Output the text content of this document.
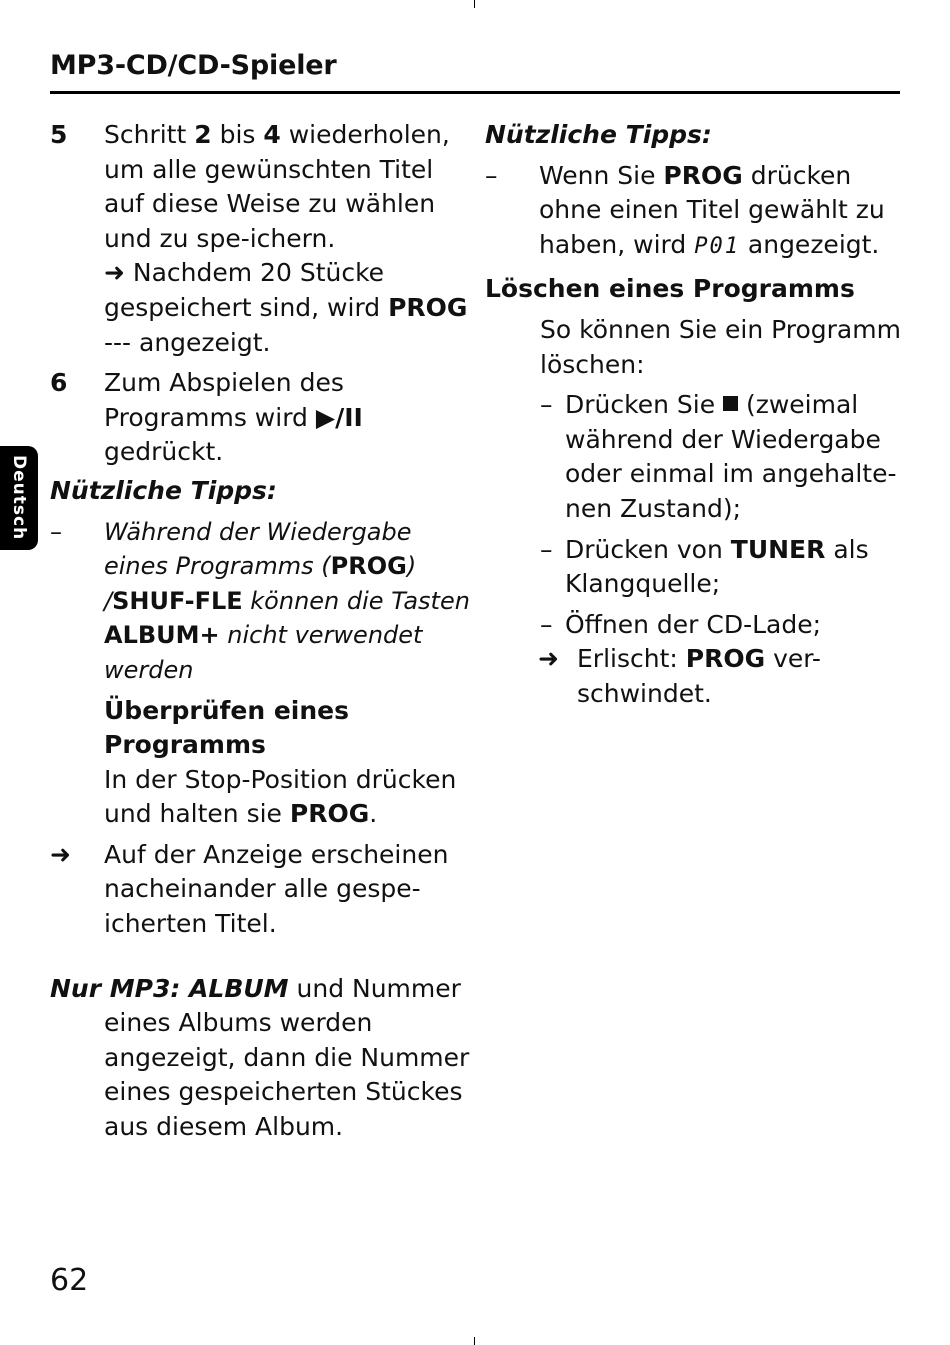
MP3-CD/CD-Spieler
Deutsch
5 Schritt 2 bis 4 wiederholen, um alle gewünschten Titel auf diese Weise zu wählen und zu spe-ichern.
➜ Nachdem 20 Stücke gespeichert sind, wird PROG --- angezeigt.
6 Zum Abspielen des Programms wird ▶/II gedrückt.
Nützliche Tipps:
– Während der Wiedergabe eines Programms (PROG) /SHUF-FLE können die Tasten ALBUM+ nicht verwendet werden
Überprüfen eines Programms
In der Stop-Position drücken und halten sie PROG.
➜ Auf der Anzeige erscheinen nacheinander alle gespe-icherten Titel.
Nur MP3: ALBUM und Nummer eines Albums werden angezeigt, dann die Nummer eines gespeicherten Stückes aus diesem Album.
Nützliche Tipps:
– Wenn Sie PROG drücken ohne einen Titel gewählt zu haben, wird P01 angezeigt.
Löschen eines Programms
So können Sie ein Programm löschen:
– Drücken Sie  (zweimal während der Wiedergabe oder einmal im angehalte-nen Zustand);
– Drücken von TUNER als Klangquelle;
– Öffnen der CD-Lade;
➜ Erlischt: PROG ver-schwindet.
62
